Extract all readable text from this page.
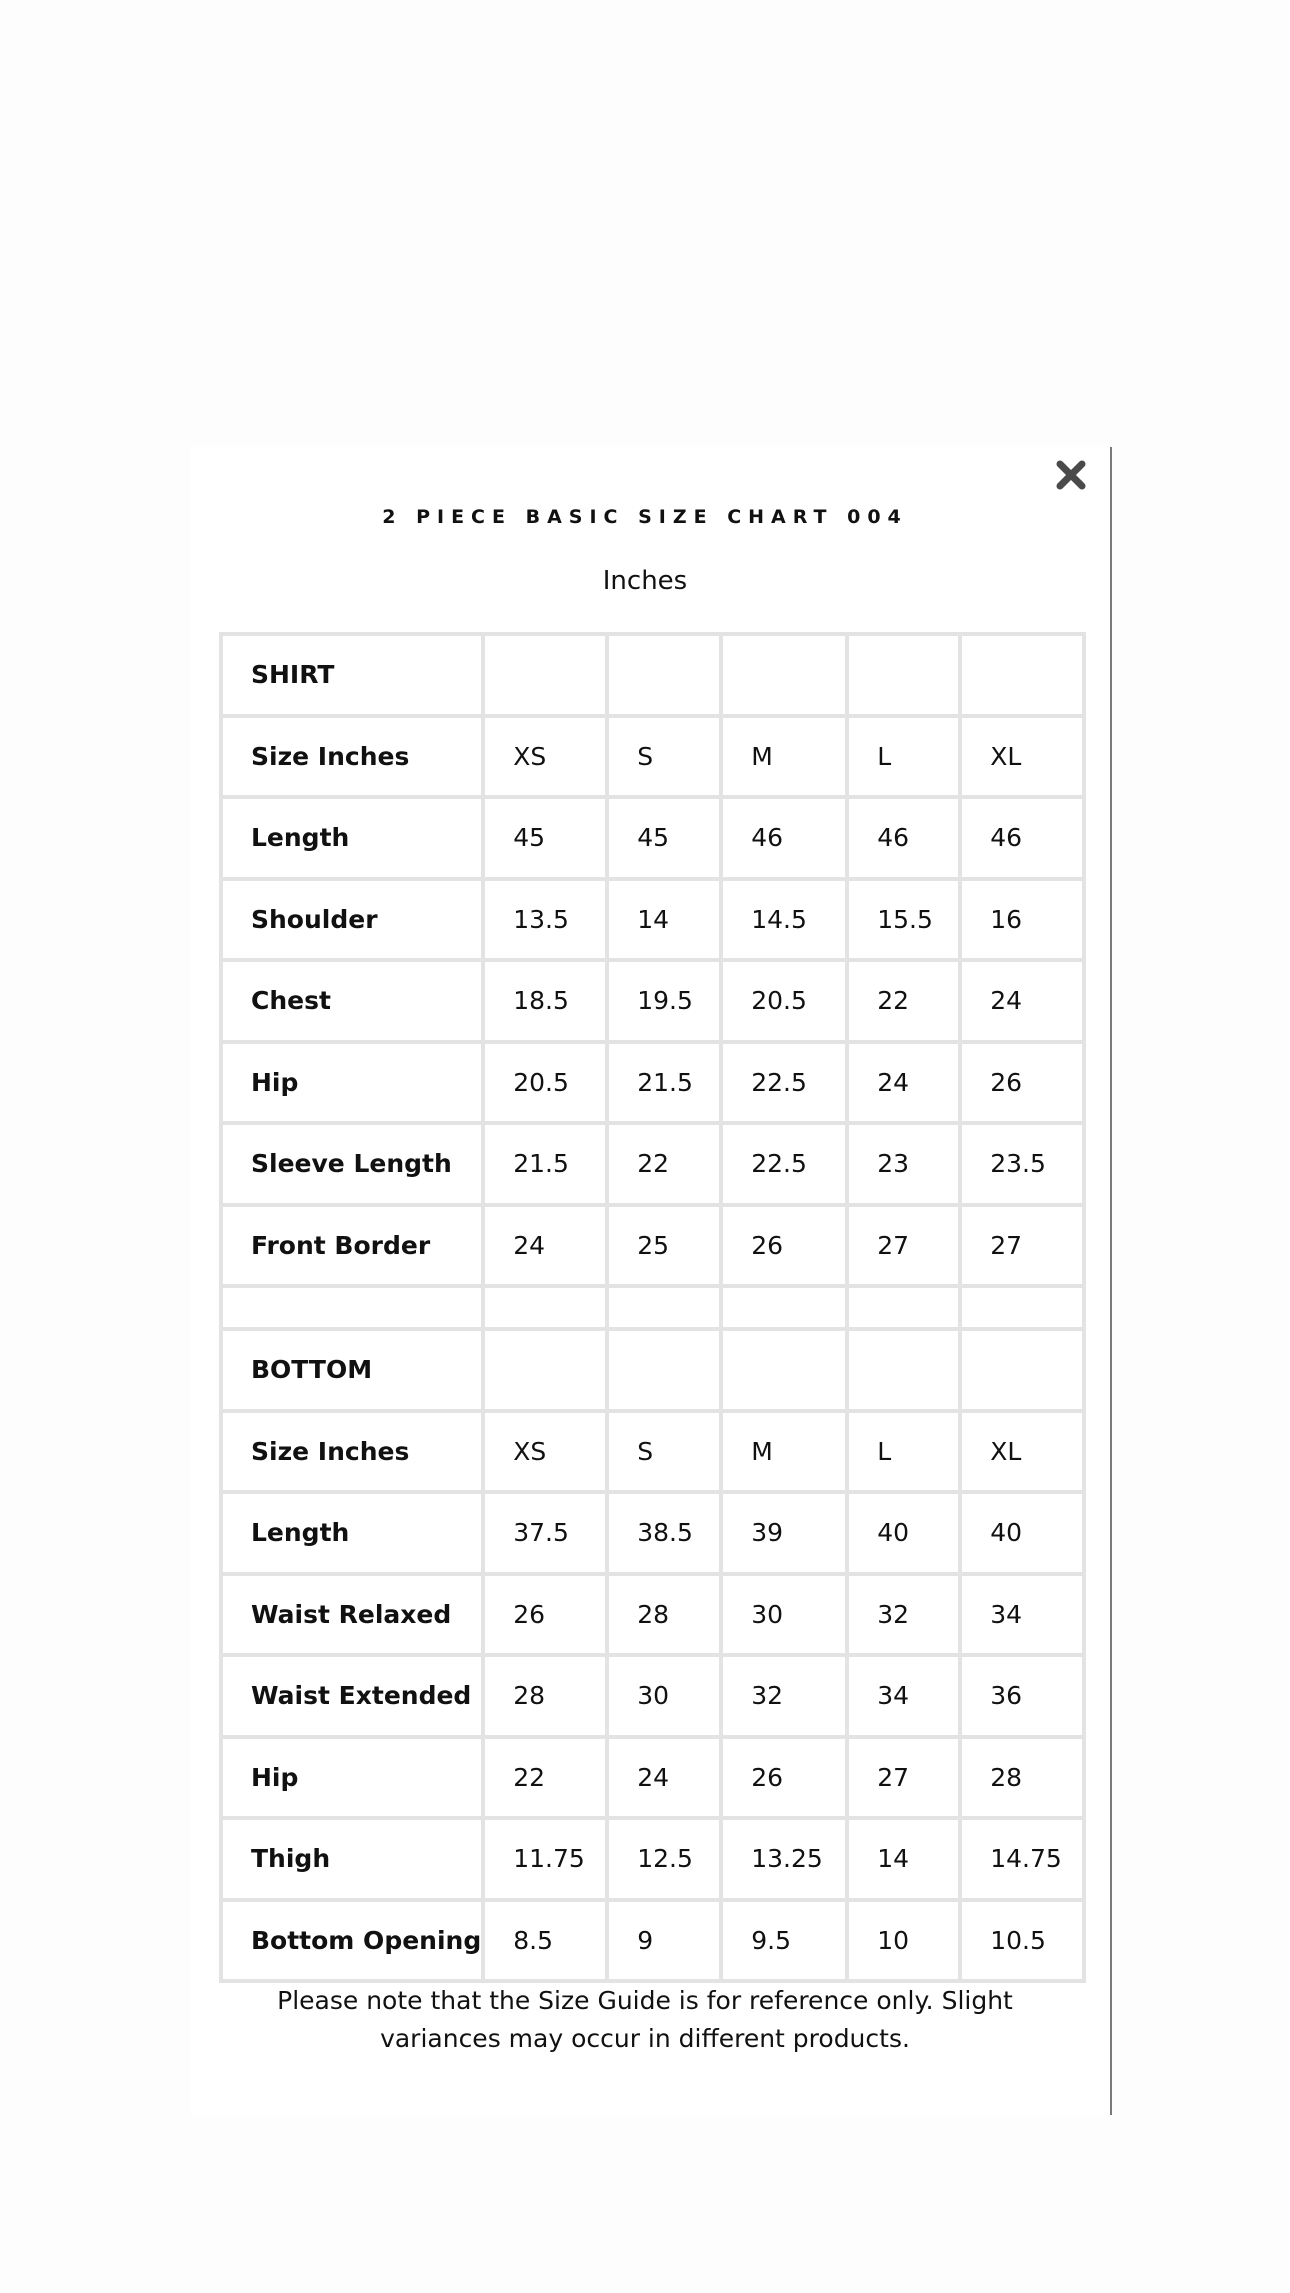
2 PIECE BASIC SIZE CHART 004
Inches
SHIRT					
Size Inches	XS	S	M	L	XL
Length	45	45	46	46	46
Shoulder	13.5	14	14.5	15.5	16
Chest	18.5	19.5	20.5	22	24
Hip	20.5	21.5	22.5	24	26
Sleeve Length	21.5	22	22.5	23	23.5
Front Border	24	25	26	27	27

BOTTOM					
Size Inches	XS	S	M	L	XL
Length	37.5	38.5	39	40	40
Waist Relaxed	26	28	30	32	34
Waist Extended	28	30	32	34	36
Hip	22	24	26	27	28
Thigh	11.75	12.5	13.25	14	14.75
Bottom Opening	8.5	9	9.5	10	10.5
Please note that the Size Guide is for reference only. Slight variances may occur in different products.
